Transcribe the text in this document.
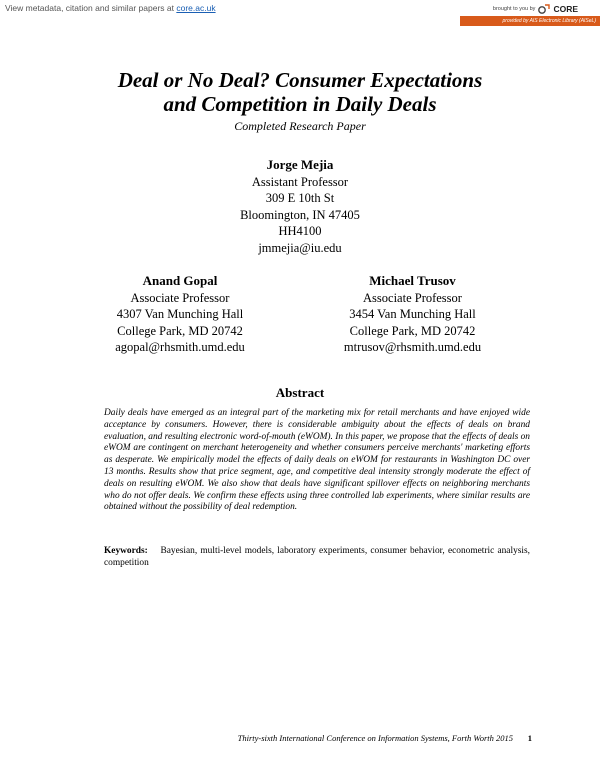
View metadata, citation and similar papers at core.ac.uk	brought to you by CORE
provided by AIS Electronic Library (AISeL)
Deal or No Deal? Consumer Expectations
and Competition in Daily Deals
Completed Research Paper
Jorge Mejia
Assistant Professor
309 E 10th St
Bloomington, IN 47405
HH4100
jmmejia@iu.edu
Anand Gopal
Associate Professor
4307 Van Munching Hall
College Park, MD 20742
agopal@rhsmith.umd.edu
Michael Trusov
Associate Professor
3454 Van Munching Hall
College Park, MD 20742
mtrusov@rhsmith.umd.edu
Abstract
Daily deals have emerged as an integral part of the marketing mix for retail merchants and have enjoyed wide acceptance by consumers. However, there is considerable ambiguity about the effects of deals on brand evaluation, and resulting electronic word-of-mouth (eWOM). In this paper, we propose that the effects of deals on eWOM are contingent on merchant heterogeneity and whether consumers perceive merchants' marketing efforts as desperate. We empirically model the effects of daily deals on eWOM for restaurants in Washington DC over 13 months. Results show that price segment, age, and competitive deal intensity strongly moderate the effect of deals on resulting eWOM. We also show that deals have significant spillover effects on neighboring merchants who do not offer deals. We confirm these effects using three controlled lab experiments, where similar results are obtained without the possibility of deal redemption.
Keywords: Bayesian, multi-level models, laboratory experiments, consumer behavior, econometric analysis, competition
Thirty-sixth International Conference on Information Systems, Forth Worth 2015 1
